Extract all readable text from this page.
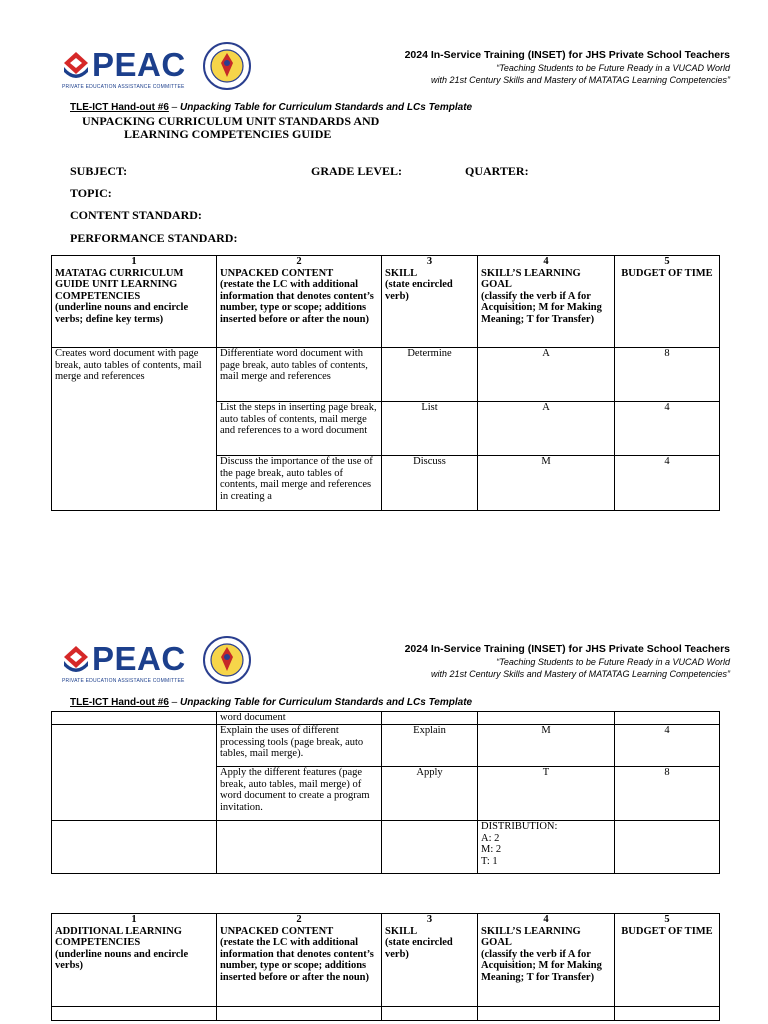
PEAC
PRIVATE EDUCATION ASSISTANCE COMMITTEE
2024 In-Service Training (INSET) for JHS Private School Teachers
“Teaching Students to be Future Ready in a VUCAD World
with 21st Century Skills and Mastery of MATATAG Learning Competencies”
TLE-ICT Hand-out #6 – Unpacking Table for Curriculum Standards and LCs Template
UNPACKING CURRICULUM UNIT STANDARDS AND
LEARNING COMPETENCIES GUIDE
SUBJECT:	GRADE LEVEL:	QUARTER:
TOPIC:
CONTENT STANDARD:
PERFORMANCE STANDARD:
1
MATATAG CURRICULUM GUIDE UNIT LEARNING COMPETENCIES
(underline nouns and encircle verbs; define key terms)	2
UNPACKED CONTENT
(restate the LC with additional information that denotes content’s number, type or scope; additions inserted before or after the noun)	3
SKILL
(state encircled verb)	4
SKILL’S LEARNING GOAL
(classify the verb if A for Acquisition; M for Making Meaning; T for Transfer)	5
BUDGET OF TIME
Creates word document with page break, auto tables of contents, mail merge and references	Differentiate word document with page break, auto tables of contents, mail merge and references	Determine	A	8
	List the steps in inserting page break, auto tables of contents, mail merge and references to a word document	List	A	4
	Discuss the importance of the use of the page break, auto tables of contents, mail merge and references in creating a	Discuss	M	4
PEAC
PRIVATE EDUCATION ASSISTANCE COMMITTEE
2024 In-Service Training (INSET) for JHS Private School Teachers
“Teaching Students to be Future Ready in a VUCAD World
with 21st Century Skills and Mastery of MATATAG Learning Competencies”
TLE-ICT Hand-out #6 – Unpacking Table for Curriculum Standards and LCs Template
	word document			
	Explain the uses of different processing tools (page break, auto tables, mail merge).	Explain	M	4
	Apply the different features (page break, auto tables, mail merge) of word document to create a program invitation.	Apply	T	8

			DISTRIBUTION:
A: 2
M: 2
T: 1	

1
ADDITIONAL LEARNING COMPETENCIES
(underline nouns and encircle verbs)	2
UNPACKED CONTENT
(restate the LC with additional information that denotes content’s number, type or scope; additions inserted before or after the noun)	3
SKILL
(state encircled verb)	4
SKILL’S LEARNING GOAL
(classify the verb if A for Acquisition; M for Making Meaning; T for Transfer)	5
BUDGET OF TIME
